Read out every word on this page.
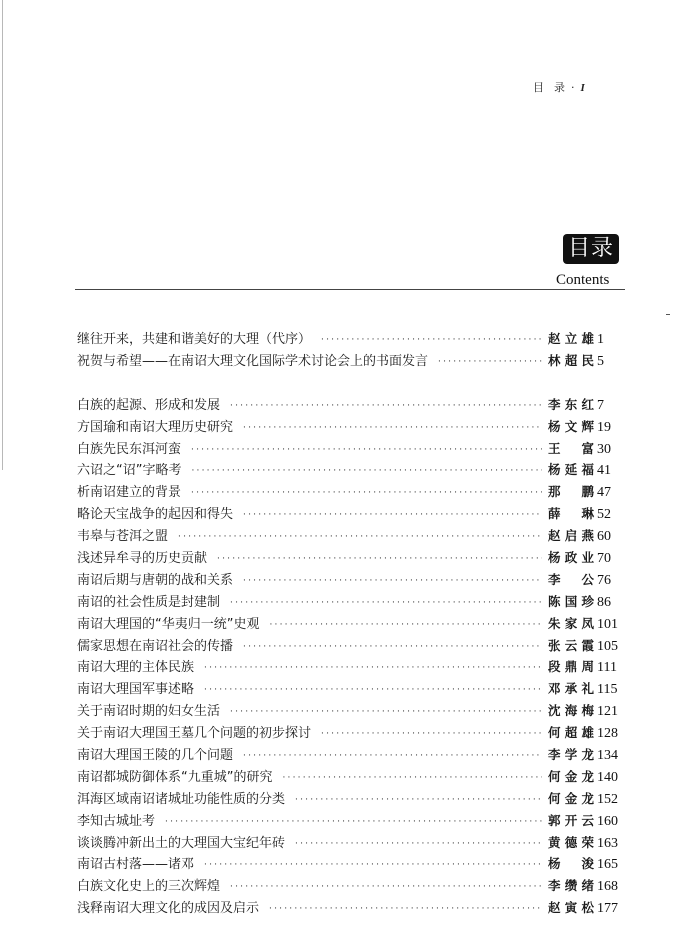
目 录 · I
目录
Contents
继往开来，共建和谐美好的大理（代序） ·····	赵立雄 1
祝贺与希望——在南诏大理文化国际学术讨论会上的书面发言 ·····	林超民 5
白族的起源、形成和发展 ·····	李东红 7
方国瑜和南诏大理历史研究 ·····	杨文辉 19
白族先民东洱河蛮 ·····	王　富 30
六诏之“诏”字略考 ·····	杨延福 41
析南诏建立的背景 ·····	那　鹏 47
略论天宝战争的起因和得失 ·····	薛　琳 52
韦皋与苍洱之盟 ·····	赵启燕 60
浅述异牟寻的历史贡献 ·····	杨政业 70
南诏后期与唐朝的战和关系 ·····	李　公 76
南诏的社会性质是封建制 ·····	陈国珍 86
南诏大理国的“华夷归一统”史观 ·····	朱家凤 101
儒家思想在南诏社会的传播 ·····	张云霞 105
南诏大理的主体民族 ·····	段鼎周 111
南诏大理国军事述略 ·····	邓承礼 115
关于南诏时期的妇女生活 ·····	沈海梅 121
关于南诏大理国王墓几个问题的初步探讨 ·····	何超雄 128
南诏大理国王陵的几个问题 ·····	李学龙 134
南诏都城防御体系“九重城”的研究 ·····	何金龙 140
洱海区域南诏诸城址功能性质的分类 ·····	何金龙 152
李知古城址考 ·····	郭开云 160
谈谈腾冲新出土的大理国大宝纪年砖 ·····	黄德荣 163
南诏古村落——诸邓 ·····	杨　浚 165
白族文化史上的三次辉煌 ·····	李缵绪 168
浅释南诏大理文化的成因及启示 ·····	赵寅松 177
